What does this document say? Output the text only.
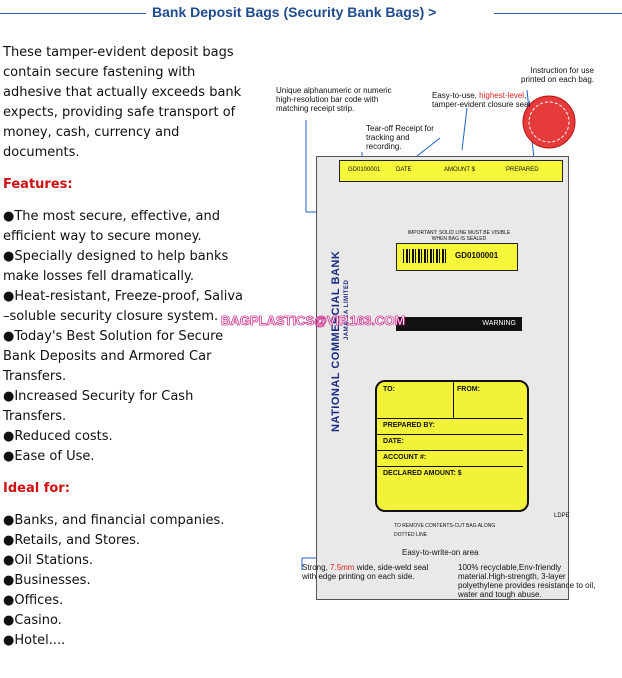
Bank Deposit Bags (Security Bank Bags) >

These tamper-evident deposit bags contain secure fastening with adhesive that actually exceeds bank expects, providing safe transport of money, cash, currency and documents.

Features:

●The most secure, effective, and efficient way to secure money.

●Specially designed to help banks make losses fell dramatically.

●Heat-resistant, Freeze-proof, Saliva –soluble security closure system.

●Today's Best Solution for Secure Bank Deposits and Armored Car Transfers.

●Increased Security for Cash Transfers.

●Reduced costs.

●Ease of Use.

Ideal for:

●Banks, and financial companies.

●Retails, and Stores.

●Oil Stations.

●Businesses.

●Offices.

●Casino.

●Hotel....

Unique alphanumeric or numeric high-resolution bar code with matching receipt strip.
Instruction for use printed on each bag.
Easy-to-use, highest-level, tamper-evident closure seal
Tear-off Receipt for tracking and recording.
GD0100001	DATE	AMOUNT $	PREPARED
IMPORTANT: SOLID LINE MUST BE VISIBLE WHEN BAG IS SEALED
GD0100001
NATIONAL COMMERCIAL BANK JAMAICA LIMITED	WARNING
TO:	FROM:
PREPARED BY:
DATE:
ACCOUNT #:
DECLARED AMOUNT: $
TO REMOVE CONTENTS-CUT BAG ALONG DOTTED LINE
LDPE
Easy-to-write-on area
Strong, 7.5mm wide, side-weld seal with edge printing on each side.
100% recyclable,Env-friendly material.High-strength, 3-layer polyethylene provides resistance to oil, water and tough abuse.
BAGPLASTICS@VIP.163.COM
